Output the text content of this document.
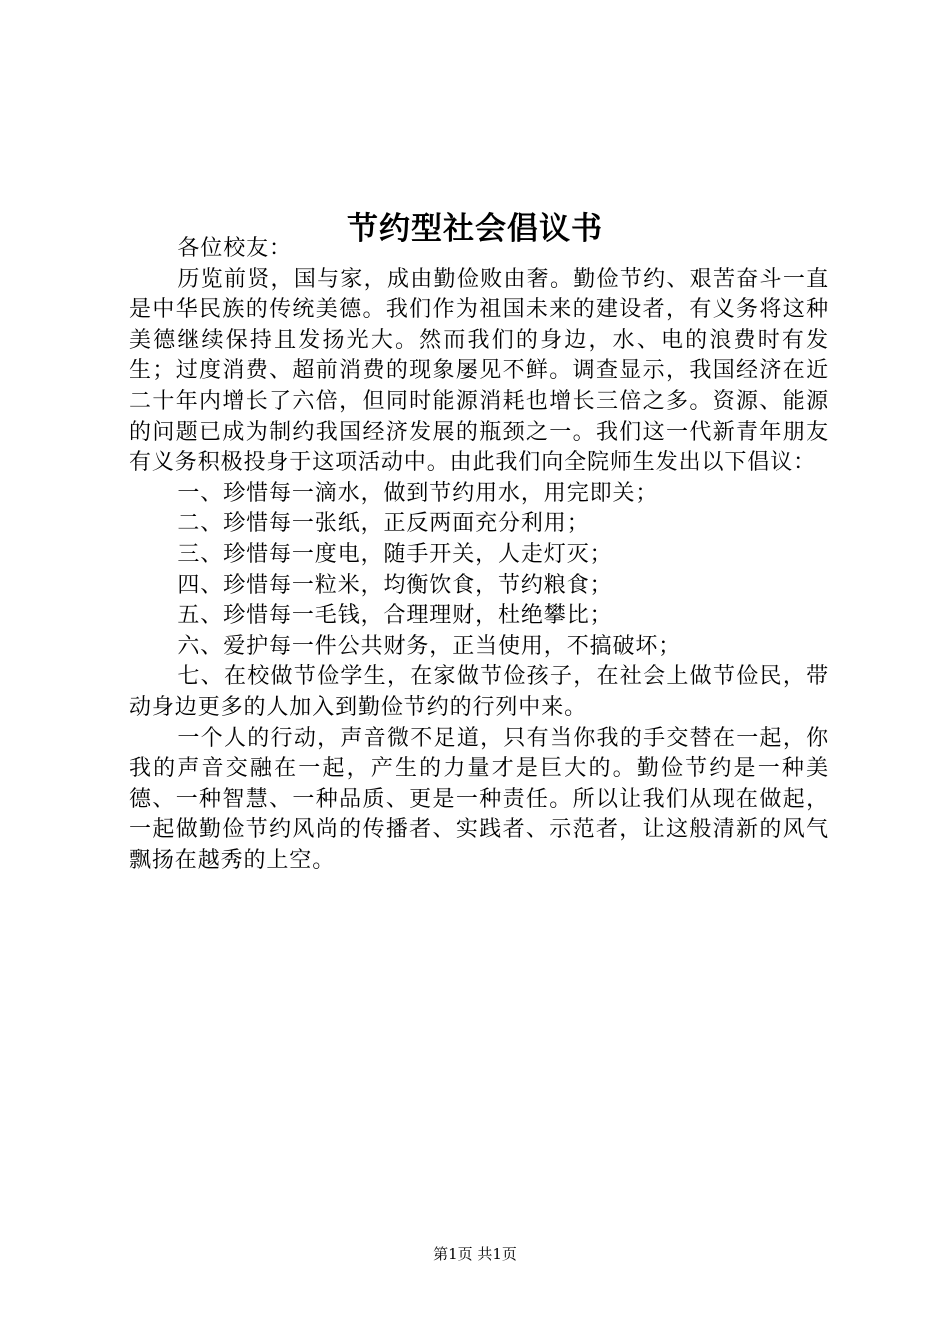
节约型社会倡议书

各位校友：

历览前贤，国与家，成由勤俭败由奢。勤俭节约、艰苦奋斗一直是中华民族的传统美德。我们作为祖国未来的建设者，有义务将这种美德继续保持且发扬光大。然而我们的身边，水、电的浪费时有发生；过度消费、超前消费的现象屡见不鲜。调查显示，我国经济在近二十年内增长了六倍，但同时能源消耗也增长三倍之多。资源、能源的问题已成为制约我国经济发展的瓶颈之一。我们这一代新青年朋友有义务积极投身于这项活动中。由此我们向全院师生发出以下倡议：

一、珍惜每一滴水，做到节约用水，用完即关；

二、珍惜每一张纸，正反两面充分利用；

三、珍惜每一度电，随手开关，人走灯灭；

四、珍惜每一粒米，均衡饮食，节约粮食；

五、珍惜每一毛钱，合理理财，杜绝攀比；

六、爱护每一件公共财务，正当使用，不搞破坏；

七、在校做节俭学生，在家做节俭孩子，在社会上做节俭民，带动身边更多的人加入到勤俭节约的行列中来。

一个人的行动，声音微不足道，只有当你我的手交替在一起，你我的声音交融在一起，产生的力量才是巨大的。勤俭节约是一种美德、一种智慧、一种品质、更是一种责任。所以让我们从现在做起，一起做勤俭节约风尚的传播者、实践者、示范者，让这般清新的风气飘扬在越秀的上空。

第1页 共1页
